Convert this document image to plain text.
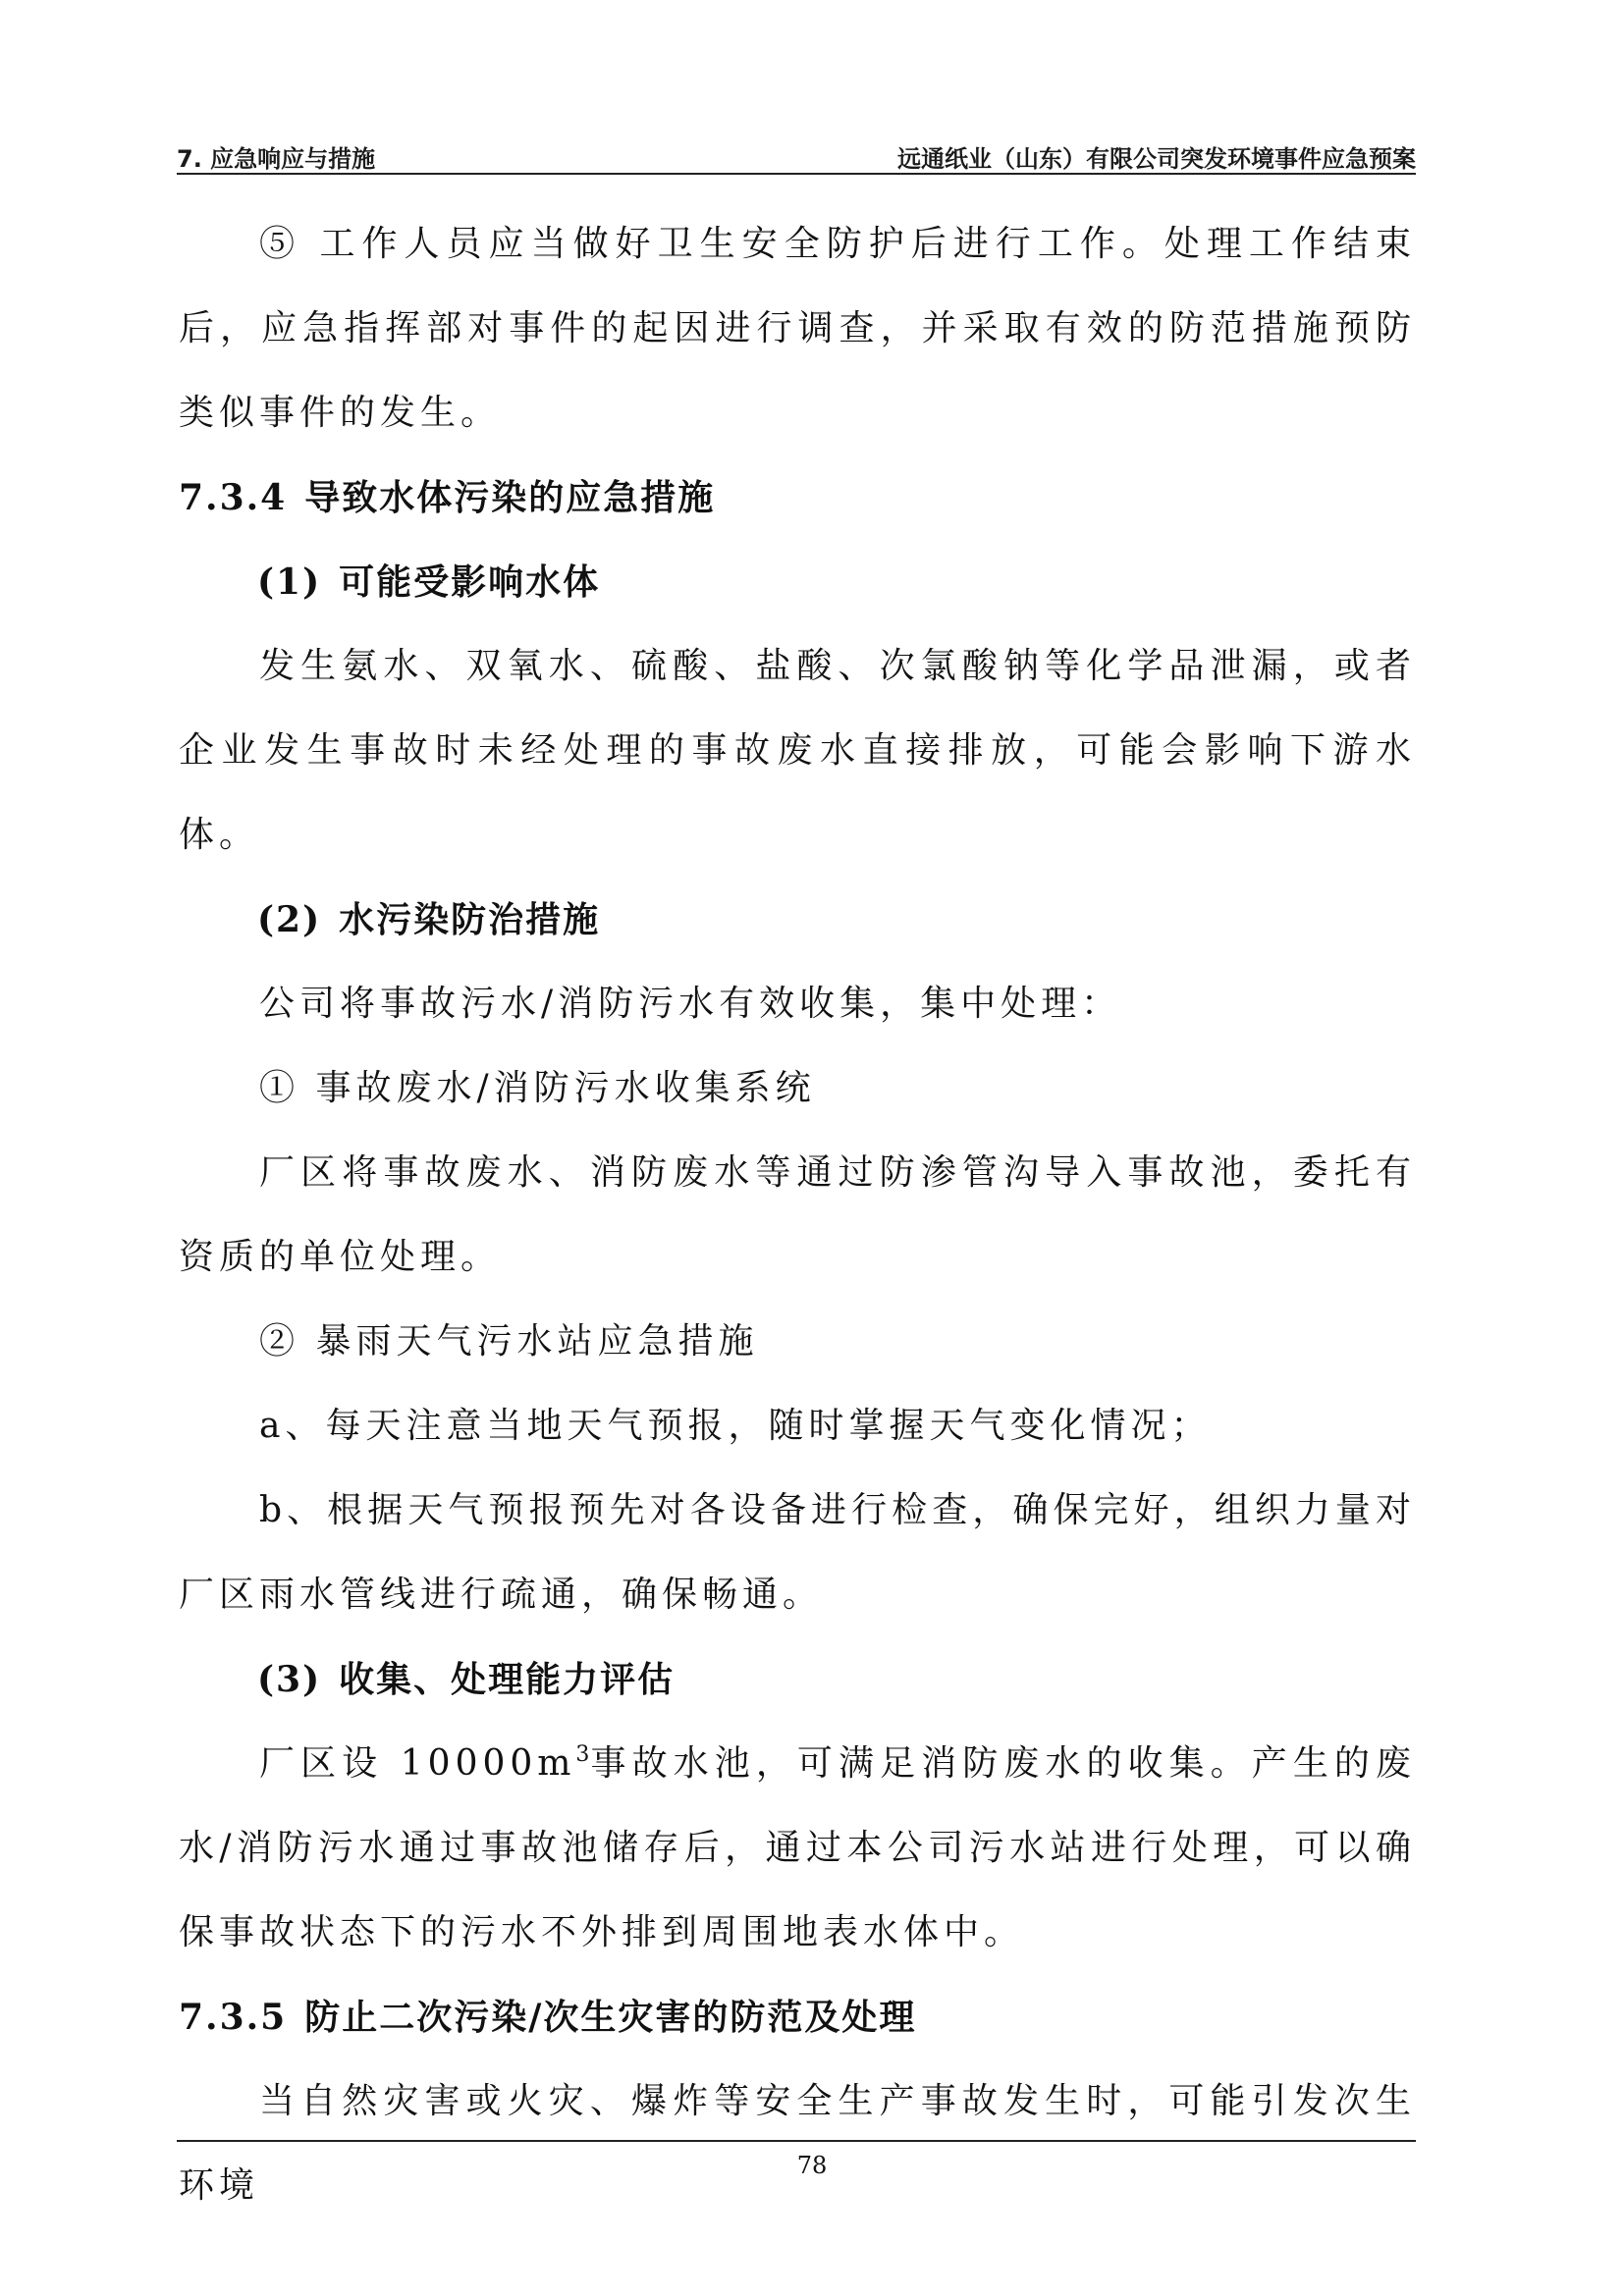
7. 应急响应与措施	远通纸业（山东）有限公司突发环境事件应急预案

⑤ 工作人员应当做好卫生安全防护后进行工作。处理工作结束后，应急指挥部对事件的起因进行调查，并采取有效的防范措施预防类似事件的发生。

7.3.4 导致水体污染的应急措施

(1) 可能受影响水体

发生氨水、双氧水、硫酸、盐酸、次氯酸钠等化学品泄漏，或者企业发生事故时未经处理的事故废水直接排放，可能会影响下游水体。

(2) 水污染防治措施

公司将事故污水/消防污水有效收集，集中处理：

① 事故废水/消防污水收集系统

厂区将事故废水、消防废水等通过防渗管沟导入事故池，委托有资质的单位处理。

② 暴雨天气污水站应急措施

a、每天注意当地天气预报，随时掌握天气变化情况；

b、根据天气预报预先对各设备进行检查，确保完好，组织力量对厂区雨水管线进行疏通，确保畅通。

(3) 收集、处理能力评估

厂区设 $10000m^3$事故水池，可满足消防废水的收集。产生的废水/消防污水通过事故池储存后，通过本公司污水站进行处理，可以确保事故状态下的污水不外排到周围地表水体中。

7.3.5 防止二次污染/次生灾害的防范及处理

当自然灾害或火灾、爆炸等安全生产事故发生时，可能引发次生环境	78
